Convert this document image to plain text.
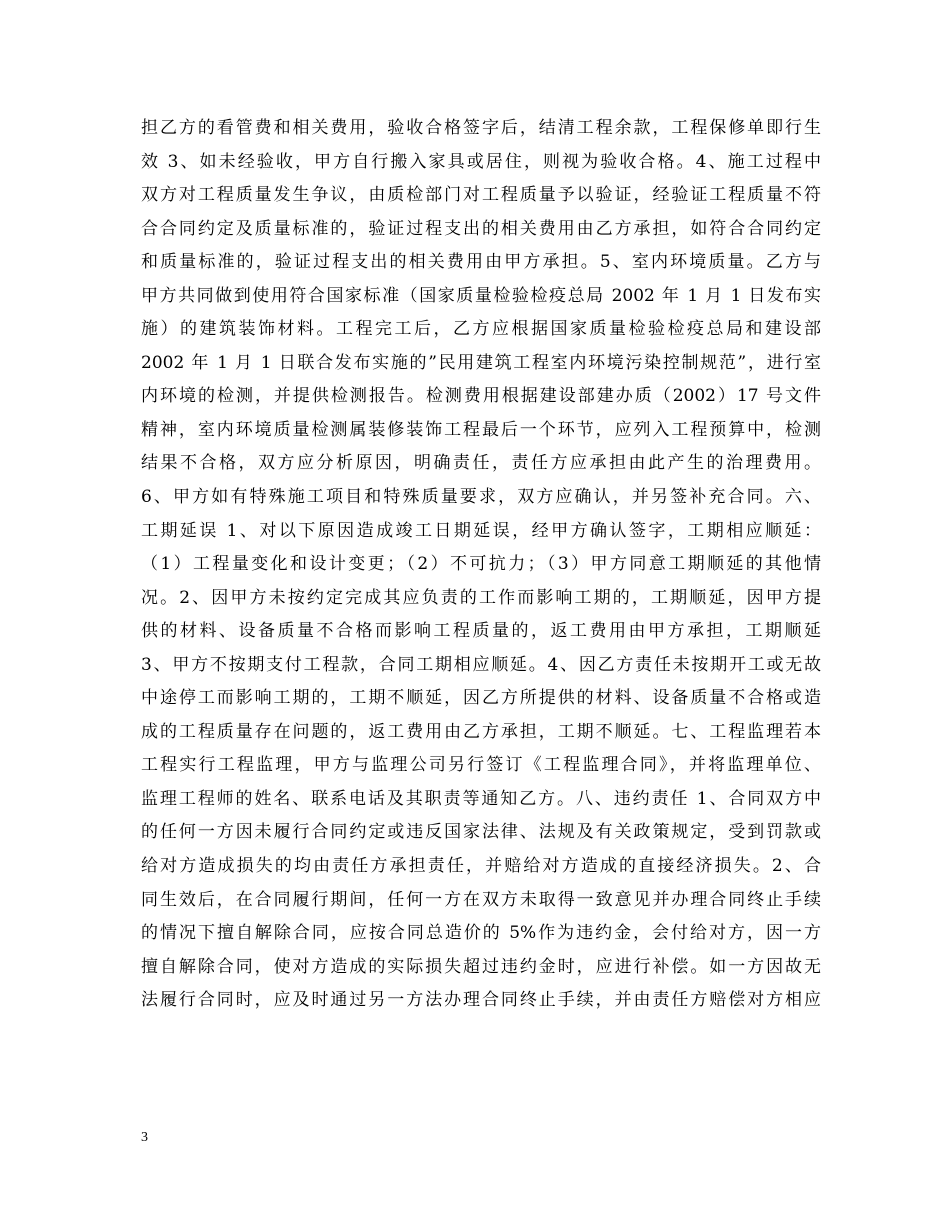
担乙方的看管费和相关费用，验收合格签字后，结清工程余款，工程保修单即行生
效 3、如未经验收，甲方自行搬入家具或居住，则视为验收合格。4、施工过程中
双方对工程质量发生争议，由质检部门对工程质量予以验证，经验证工程质量不符
合合同约定及质量标准的，验证过程支出的相关费用由乙方承担，如符合合同约定
和质量标准的，验证过程支出的相关费用由甲方承担。5、室内环境质量。乙方与
甲方共同做到使用符合国家标准（国家质量检验检疫总局 2002 年 1 月 1 日发布实
施）的建筑装饰材料。工程完工后，乙方应根据国家质量检验检疫总局和建设部
2002 年 1 月 1 日联合发布实施的”民用建筑工程室内环境污染控制规范”，进行室
内环境的检测，并提供检测报告。检测费用根据建设部建办质（2002）17 号文件
精神，室内环境质量检测属装修装饰工程最后一个环节，应列入工程预算中，检测
结果不合格，双方应分析原因，明确责任，责任方应承担由此产生的治理费用。
6、甲方如有特殊施工项目和特殊质量要求，双方应确认，并另签补充合同。六、
工期延误 1、对以下原因造成竣工日期延误，经甲方确认签字，工期相应顺延：
（1）工程量变化和设计变更；（2）不可抗力；（3）甲方同意工期顺延的其他情
况。2、因甲方未按约定完成其应负责的工作而影响工期的，工期顺延，因甲方提
供的材料、设备质量不合格而影响工程质量的，返工费用由甲方承担，工期顺延
3、甲方不按期支付工程款，合同工期相应顺延。4、因乙方责任未按期开工或无故
中途停工而影响工期的，工期不顺延，因乙方所提供的材料、设备质量不合格或造
成的工程质量存在问题的，返工费用由乙方承担，工期不顺延。七、工程监理若本
工程实行工程监理，甲方与监理公司另行签订《工程监理合同》，并将监理单位、
监理工程师的姓名、联系电话及其职责等通知乙方。八、违约责任 1、合同双方中
的任何一方因未履行合同约定或违反国家法律、法规及有关政策规定，受到罚款或
给对方造成损失的均由责任方承担责任，并赔给对方造成的直接经济损失。2、合
同生效后，在合同履行期间，任何一方在双方未取得一致意见并办理合同终止手续
的情况下擅自解除合同，应按合同总造价的 5%作为违约金，会付给对方，因一方
擅自解除合同，使对方造成的实际损失超过违约金时，应进行补偿。如一方因故无
法履行合同时，应及时通过另一方法办理合同终止手续，并由责任方赔偿对方相应
3
